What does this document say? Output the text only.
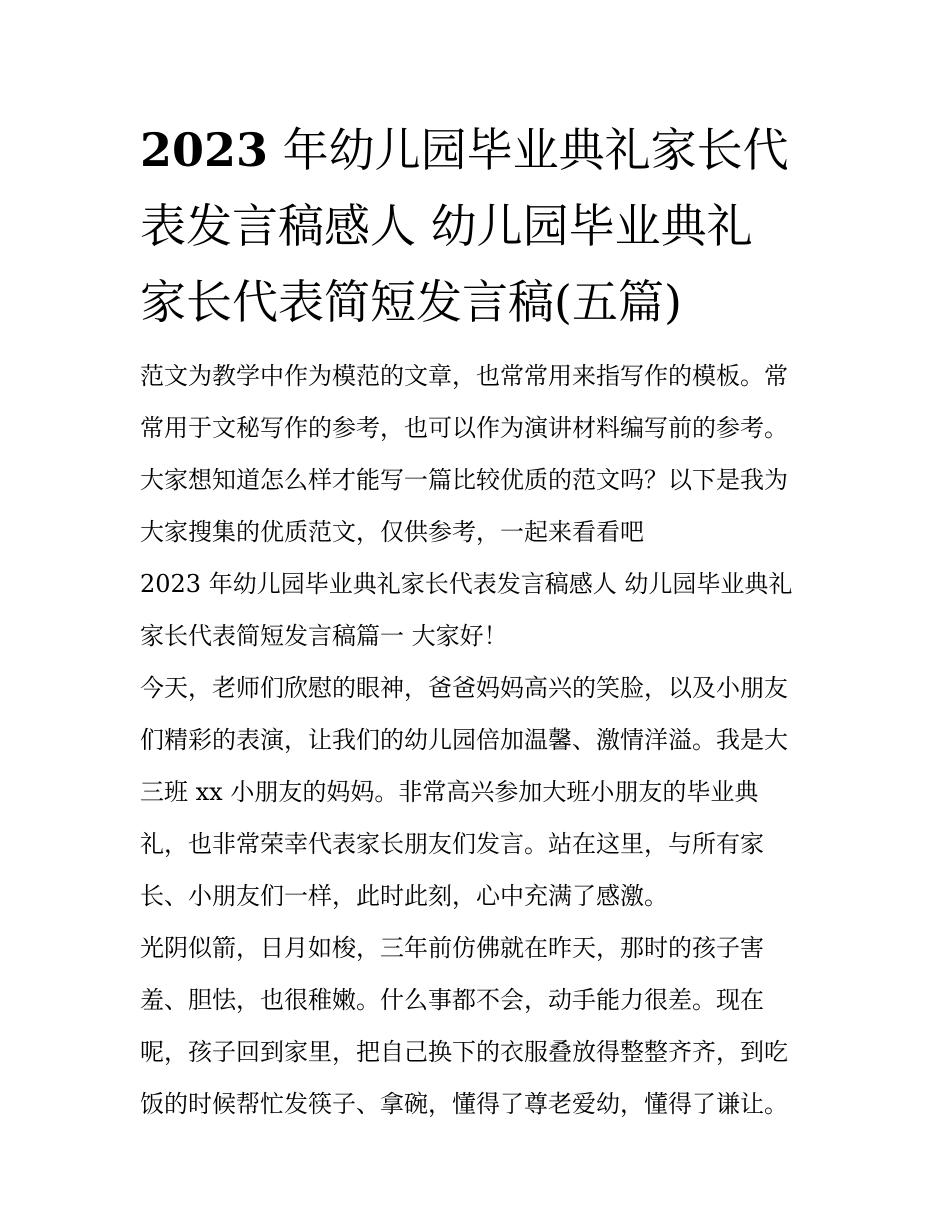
2023 年幼儿园毕业典礼家长代
表发言稿感人 幼儿园毕业典礼
家长代表简短发言稿(五篇)
范文为教学中作为模范的文章，也常常用来指写作的模板。常
常用于文秘写作的参考，也可以作为演讲材料编写前的参考。
大家想知道怎么样才能写一篇比较优质的范文吗？以下是我为
大家搜集的优质范文，仅供参考，一起来看看吧
2023 年幼儿园毕业典礼家长代表发言稿感人 幼儿园毕业典礼
家长代表简短发言稿篇一 大家好！
今天，老师们欣慰的眼神，爸爸妈妈高兴的笑脸，以及小朋友
们精彩的表演，让我们的幼儿园倍加温馨、激情洋溢。我是大
三班 xx 小朋友的妈妈。非常高兴参加大班小朋友的毕业典
礼，也非常荣幸代表家长朋友们发言。站在这里，与所有家
长、小朋友们一样，此时此刻，心中充满了感激。
光阴似箭，日月如梭，三年前仿佛就在昨天，那时的孩子害
羞、胆怯，也很稚嫩。什么事都不会，动手能力很差。现在
呢，孩子回到家里，把自己换下的衣服叠放得整整齐齐，到吃
饭的时候帮忙发筷子、拿碗，懂得了尊老爱幼，懂得了谦让。
